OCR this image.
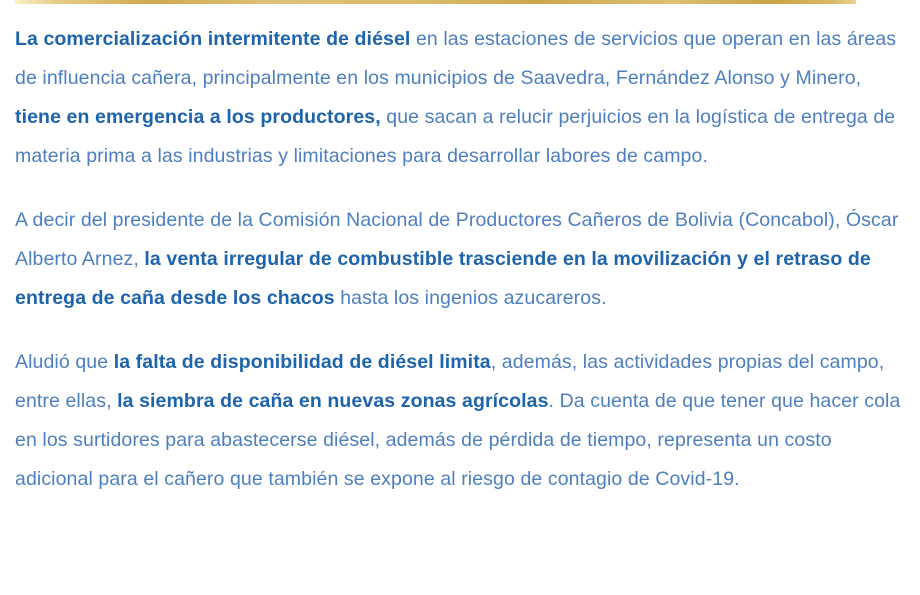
La comercialización intermitente de diésel en las estaciones de servicios que operan en las áreas de influencia cañera, principalmente en los municipios de Saavedra, Fernández Alonso y Minero, tiene en emergencia a los productores, que sacan a relucir perjuicios en la logística de entrega de materia prima a las industrias y limitaciones para desarrollar labores de campo.

A decir del presidente de la Comisión Nacional de Productores Cañeros de Bolivia (Concabol), Óscar Alberto Arnez, la venta irregular de combustible trasciende en la movilización y el retraso de entrega de caña desde los chacos hasta los ingenios azucareros.

Aludió que la falta de disponibilidad de diésel limita, además, las actividades propias del campo, entre ellas, la siembra de caña en nuevas zonas agrícolas. Da cuenta de que tener que hacer cola en los surtidores para abastecerse diésel, además de pérdida de tiempo, representa un costo adicional para el cañero que también se expone al riesgo de contagio de Covid-19.
